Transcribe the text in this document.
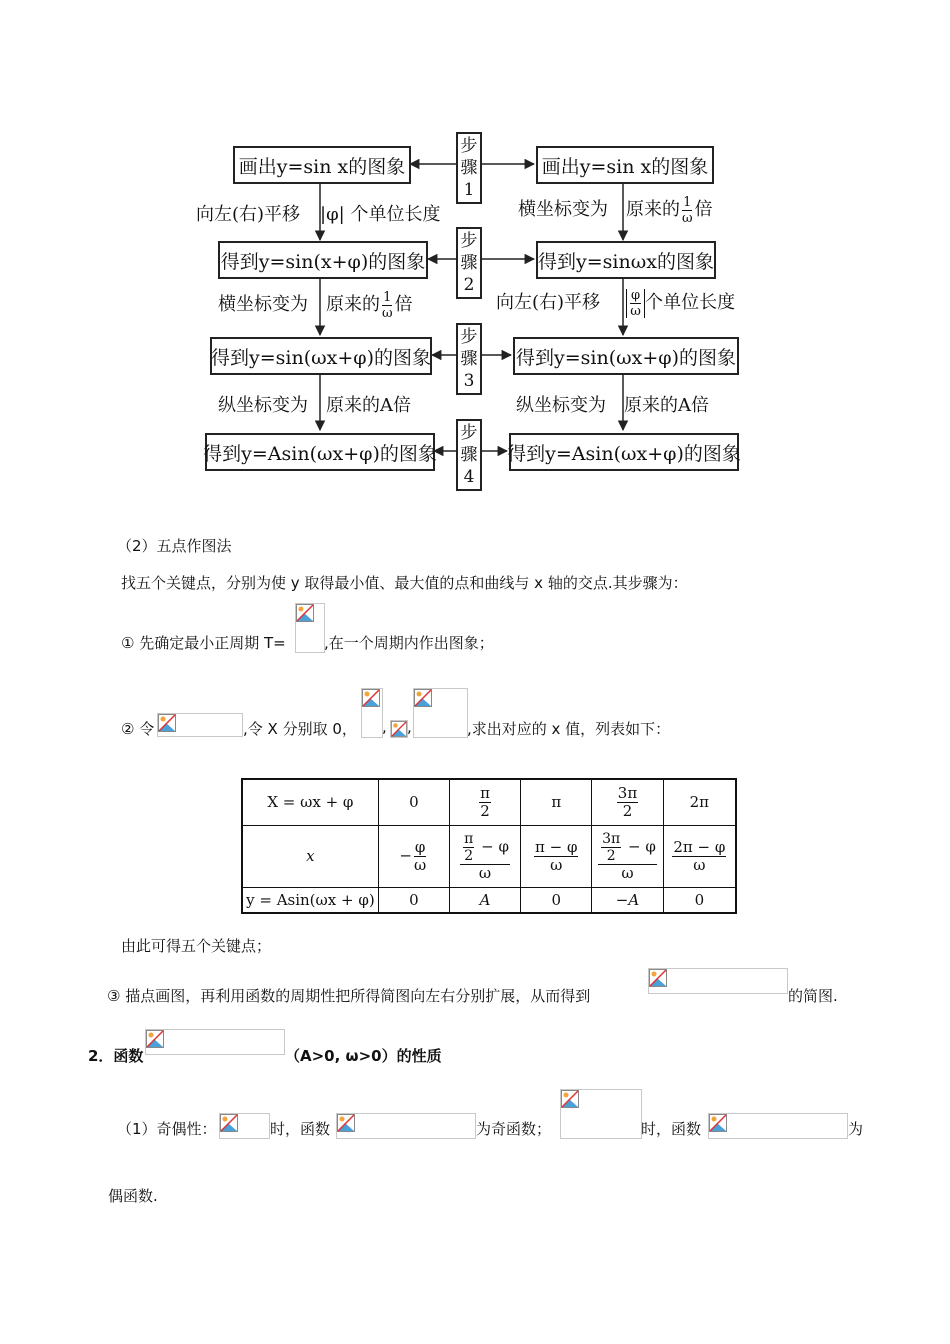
画出y=sin x的图象
得到y=sin(x+φ)的图象
得到y=sin(ωx+φ)的图象
得到y=Asin(ωx+φ)的图象
画出y=sin x的图象
得到y=sinωx的图象
得到y=sin(ωx+φ)的图象
得到y=Asin(ωx+φ)的图象
步
骤
1
步
骤
2
步
骤
3
步
骤
4
向左(右)平移 |φ| 个单位长度
横坐标变为 原来的 $\frac{1}{\omega}$ 倍
纵坐标变为 原来的A倍
横坐标变为 原来的 $\frac{1}{\omega}$ 倍
向左(右)平移 $\frac{\varphi}{\omega}$ 个单位长度
纵坐标变为 原来的A倍
（2）五点作图法
找五个关键点，分别为使 y 取得最小值、最大值的点和曲线与 x 轴的交点.其步骤为：
① 先确定最小正周期 T=	,在一个周期内作出图象；
② 令	,令 X 分别取 0， , ,	,求出对应的 x 值，列表如下：
X = ωx + φ	0	$\frac{\pi}{2}$	π	$\frac{3\pi}{2}$	2π
x	− $\frac{\varphi}{\omega}$	$\frac{\frac{\pi}{2} - \varphi}{\omega}$	$\frac{\pi - \varphi}{\omega}$	$\frac{\frac{3\pi}{2} - \varphi}{\omega}$	$\frac{2\pi - \varphi}{\omega}$

y = Asin(ωx + φ)	0	A	0	−A	0
由此可得五个关键点；
③ 描点画图，再利用函数的周期性把所得简图向左右分别扩展，从而得到	的简图.
2．函数	（A>0, ω>0）的性质
（1）奇偶性：	时，函数	为奇函数；	时，函数	为
偶函数.
